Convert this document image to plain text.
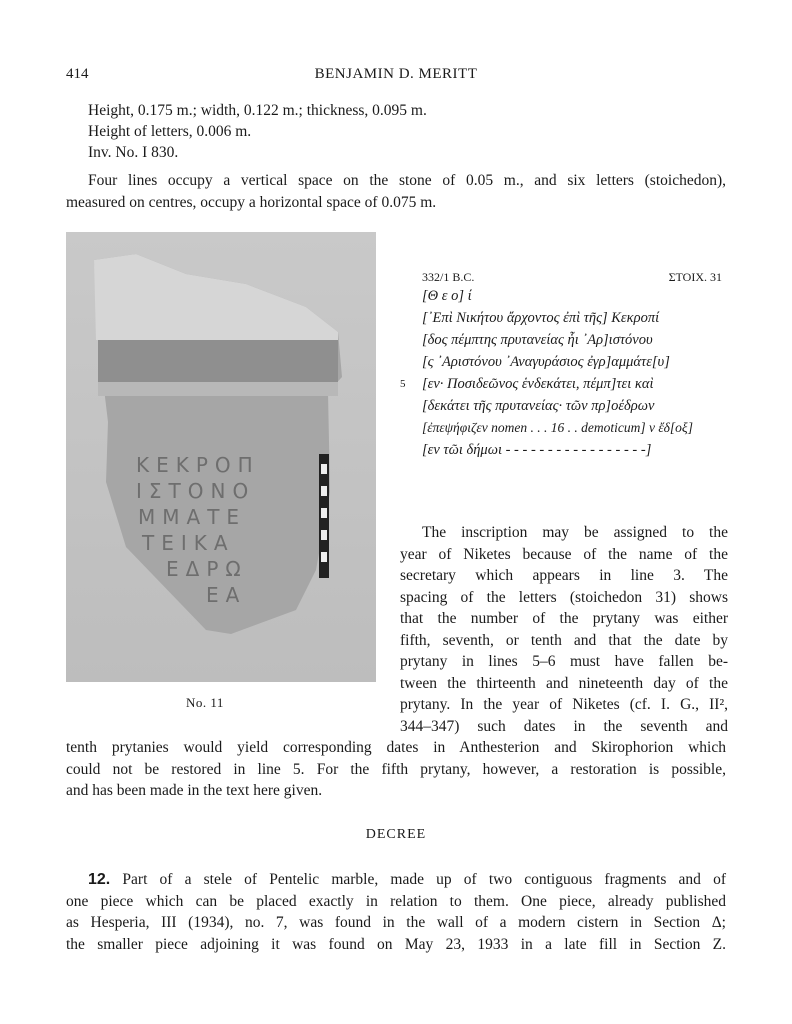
414	BENJAMIN D. MERITT
Height, 0.175 m.; width, 0.122 m.; thickness, 0.095 m.
Height of letters, 0.006 m.
Inv. No. I 830.
Four lines occupy a vertical space on the stone of 0.05 m., and six letters (stoichedon),
measured on centres, occupy a horizontal space of 0.075 m.
ΚΕΚΡΟΠ
ΙΣΤΟΝΟ
ΜΜΑΤΕ
ΤΕΙΚΑ
ΕΔΡΩ
ΕΑ
No. 11
332/1 B.C.	ΣΤΟΙΧ. 31
[Θ ε ο] ί
[᾿Επὶ Νικήτου ἄρχοντος ἐπὶ τῆς] Κεκροπί
[δος πέμπτης πρυτανείας ἧι ᾿Αρ]ιστόνου
[ς ᾿Αριστόνου ᾿Αναγυράσιος ἐγρ]αμμάτε[υ]
5 [εν· Ποσιδεῶνος ἑνδεκάτει, πέμπ]τει καὶ
[δεκάτει τῆς πρυτανείας· τῶν πρ]οέδρων
[ἐπεψήφιζεν nomen . . . 16 . . demoticum] v ἔδ[οξ]
[εν τῶι δήμωι - - - - - - - - - - - - - - - - -]
The inscription may be assigned to the
year of Niketes because of the name of the
secretary which appears in line 3. The
spacing of the letters (stoichedon 31) shows
that the number of the prytany was either
fifth, seventh, or tenth and that the date by
prytany in lines 5–6 must have fallen be-
tween the thirteenth and nineteenth day of the
prytany. In the year of Niketes (cf. I. G., II²,
344–347) such dates in the seventh and
tenth prytanies would yield corresponding dates in Anthesterion and Skirophorion which
could not be restored in line 5. For the fifth prytany, however, a restoration is possible,
and has been made in the text here given.
DECREE
12. Part of a stele of Pentelic marble, made up of two contiguous fragments and of
one piece which can be placed exactly in relation to them. One piece, already published
as Hesperia, III (1934), no. 7, was found in the wall of a modern cistern in Section Δ;
the smaller piece adjoining it was found on May 23, 1933 in a late fill in Section Z.
